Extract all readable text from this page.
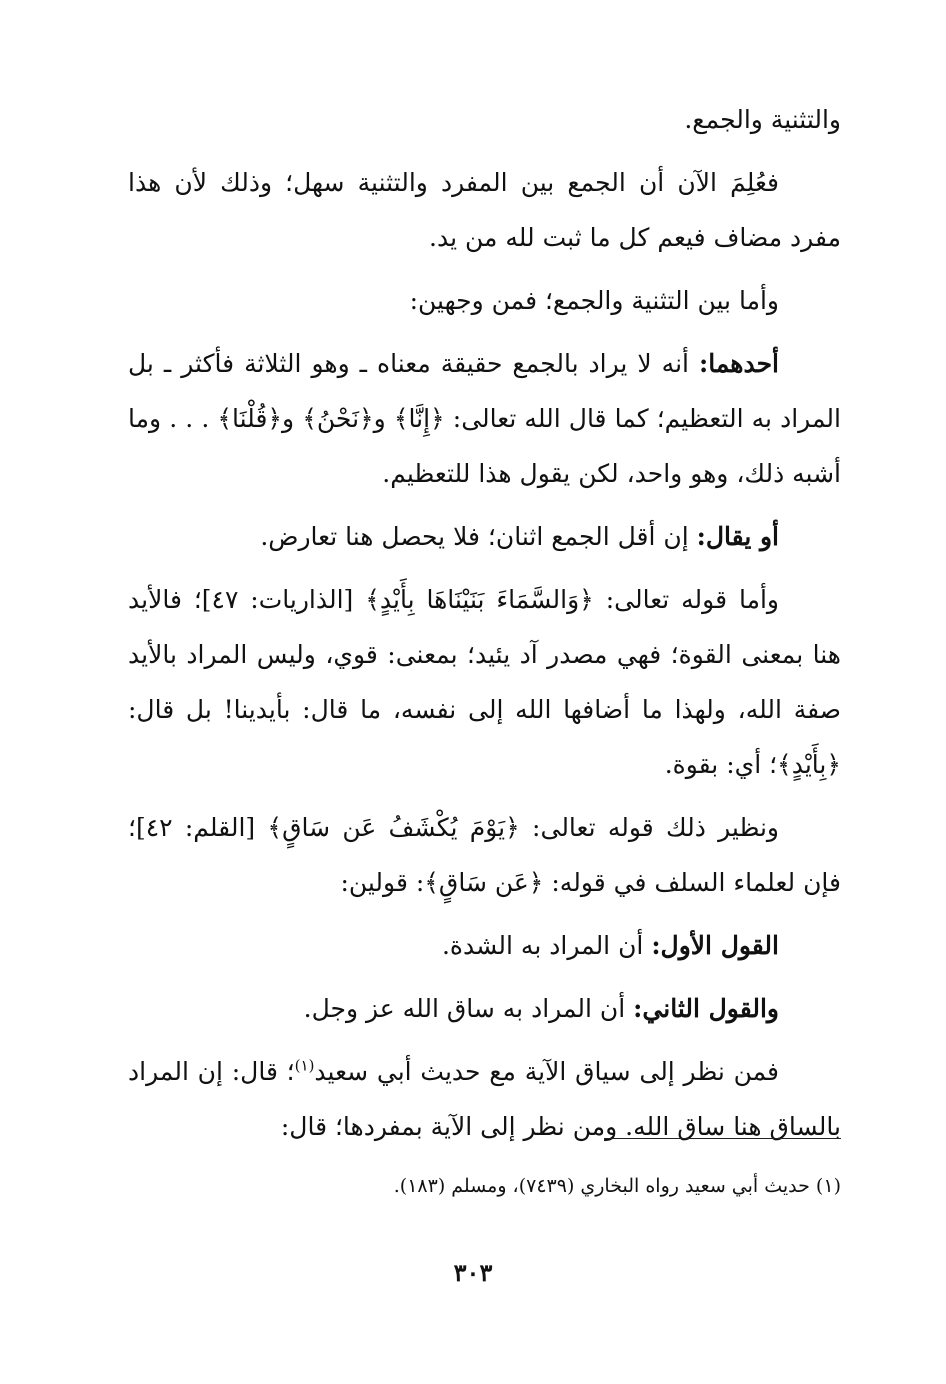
والتثنية والجمع.

فعُلِمَ الآن أن الجمع بين المفرد والتثنية سهل؛ وذلك لأن هذا مفرد مضاف فيعم كل ما ثبت لله من يد.

وأما بين التثنية والجمع؛ فمن وجهين:

أحدهما: أنه لا يراد بالجمع حقيقة معناه ـ وهو الثلاثة فأكثر ـ بل المراد به التعظيم؛ كما قال الله تعالى: ﴿إِنَّا﴾ و﴿نَحْنُ﴾ و﴿قُلْنَا﴾ . . . وما أشبه ذلك، وهو واحد، لكن يقول هذا للتعظيم.

أو يقال: إن أقل الجمع اثنان؛ فلا يحصل هنا تعارض.

وأما قوله تعالى: ﴿وَالسَّمَاءَ بَنَيْنَاهَا بِأَيْدٍ﴾ [الذاريات: ٤٧]؛ فالأيد هنا بمعنى القوة؛ فهي مصدر آد يئيد؛ بمعنى: قوي، وليس المراد بالأيد صفة الله، ولهذا ما أضافها الله إلى نفسه، ما قال: بأيدينا! بل قال: ﴿بِأَيْدٍ﴾؛ أي: بقوة.

ونظير ذلك قوله تعالى: ﴿يَوْمَ يُكْشَفُ عَن سَاقٍ﴾ [القلم: ٤٢]؛ فإن لعلماء السلف في قوله: ﴿عَن سَاقٍ﴾: قولين:

القول الأول: أن المراد به الشدة.

والقول الثاني: أن المراد به ساق الله عز وجل.

فمن نظر إلى سياق الآية مع حديث أبي سعيد$^{(١)}$؛ قال: إن المراد بالساق هنا ساق الله. ومن نظر إلى الآية بمفردها؛ قال:

(١) حديث أبي سعيد رواه البخاري (٧٤٣٩)، ومسلم (١٨٣).
٣٠٣
